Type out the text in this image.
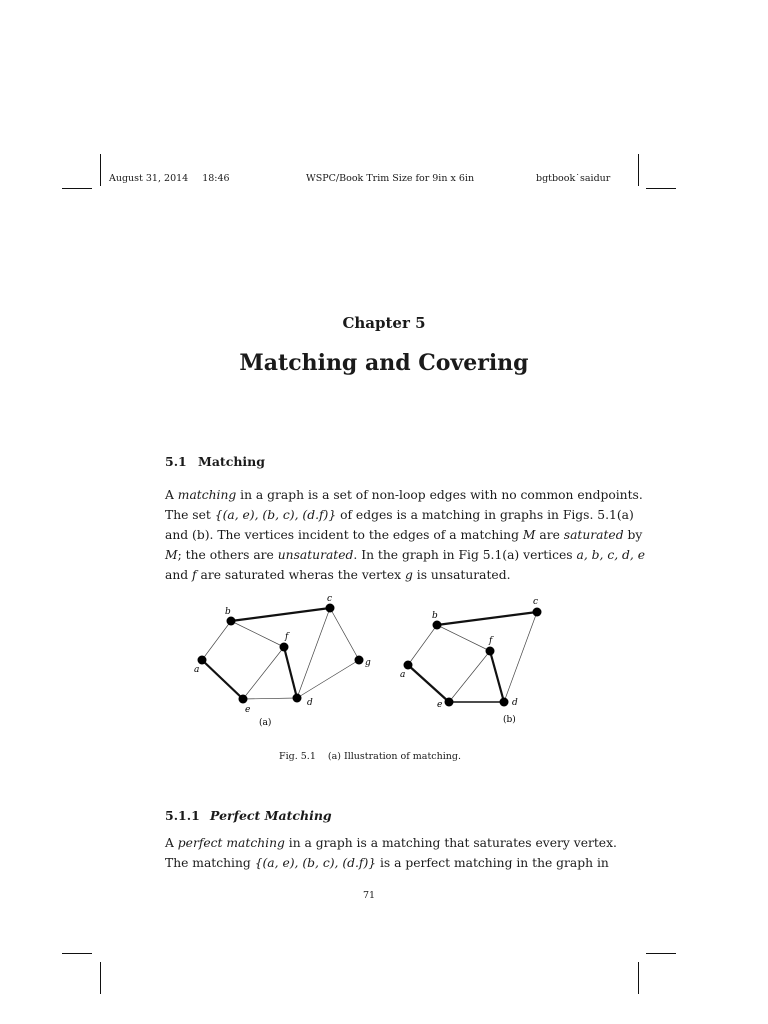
August 31, 2014 18:46	WSPC/Book Trim Size for 9in x 6in	bgtbook˙saidur
Chapter 5
Matching and Covering
5.1 Matching
A matching in a graph is a set of non-loop edges with no common endpoints.
The set {(a, e), (b, c), (d.f)} of edges is a matching in graphs in Figs. 5.1(a)
and (b). The vertices incident to the edges of a matching M are saturated by
M; the others are unsaturated. In the graph in Fig 5.1(a) vertices a, b, c, d, e
and f are saturated wheras the vertex g is unsaturated.
a
b
c
d
e
f
g
(a)
a
b
c
d
e
f
(b)
Fig. 5.1 (a) Illustration of matching.
5.1.1 Perfect Matching
A perfect matching in a graph is a matching that saturates every vertex.
The matching {(a, e), (b, c), (d.f)} is a perfect matching in the graph in
71
